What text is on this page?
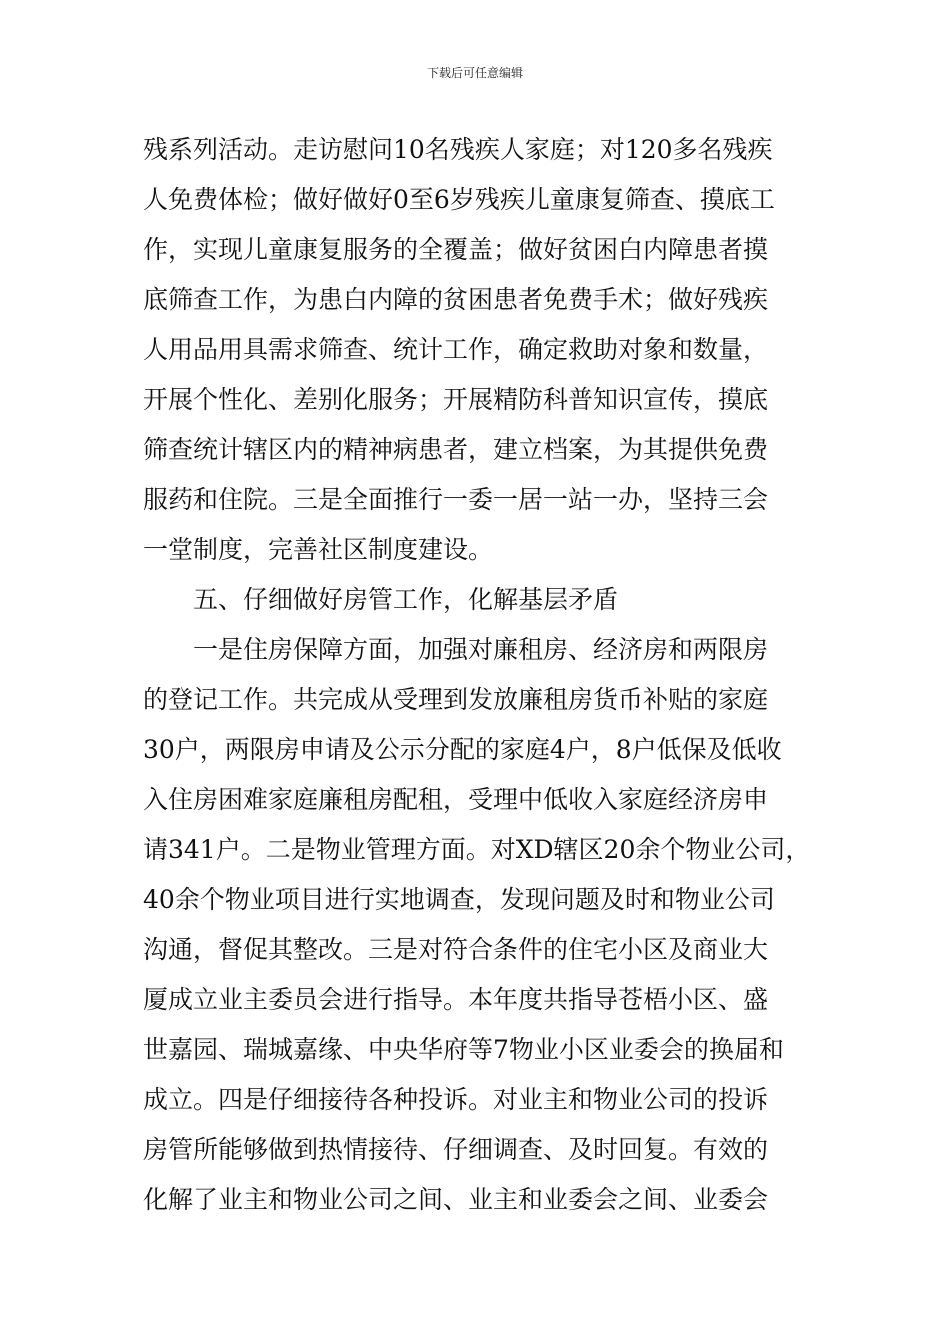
下载后可任意编辑
残系列活动。走访慰问10名残疾人家庭；对120多名残疾
人免费体检；做好做好0至6岁残疾儿童康复筛查、摸底工
作，实现儿童康复服务的全覆盖；做好贫困白内障患者摸
底筛查工作，为患白内障的贫困患者免费手术；做好残疾
人用品用具需求筛查、统计工作，确定救助对象和数量，
开展个性化、差别化服务；开展精防科普知识宣传，摸底
筛查统计辖区内的精神病患者，建立档案，为其提供免费
服药和住院。三是全面推行一委一居一站一办，坚持三会
一堂制度，完善社区制度建设。
　　五、仔细做好房管工作，化解基层矛盾
　　一是住房保障方面，加强对廉租房、经济房和两限房
的登记工作。共完成从受理到发放廉租房货币补贴的家庭
30户，两限房申请及公示分配的家庭4户，8户低保及低收
入住房困难家庭廉租房配租，受理中低收入家庭经济房申
请341户。二是物业管理方面。对XD辖区20余个物业公司，
40余个物业项目进行实地调查，发现问题及时和物业公司
沟通，督促其整改。三是对符合条件的住宅小区及商业大
厦成立业主委员会进行指导。本年度共指导苍梧小区、盛
世嘉园、瑞城嘉缘、中央华府等7物业小区业委会的换届和
成立。四是仔细接待各种投诉。对业主和物业公司的投诉
房管所能够做到热情接待、仔细调查、及时回复。有效的
化解了业主和物业公司之间、业主和业委会之间、业委会
